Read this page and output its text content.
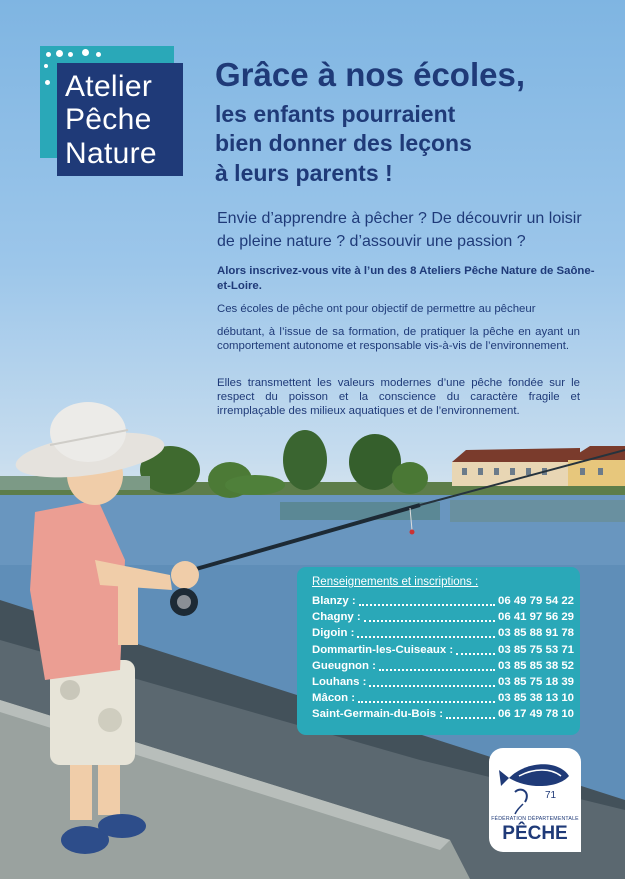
Atelier
Pêche
Nature
Grâce à nos écoles,
les enfants pourraient
bien donner des leçons
à leurs parents !
Envie d’apprendre à pêcher ? De découvrir un loisir de pleine nature ? d’assouvir une passion ?
Alors inscrivez-vous vite à l’un des 8 Ateliers Pêche Nature de Saône-et-Loire.
Ces écoles de pêche ont pour objectif de permettre au pêcheur
débutant, à l’issue de sa formation, de pratiquer la pêche en ayant un comportement autonome et responsable vis-à-vis de l’environnement.
Elles transmettent les valeurs modernes d’une pêche fondée sur le respect du poisson et la conscience du caractère fragile et irremplaçable des milieux aquatiques et de l’environnement.
Renseignements et inscriptions :
Blanzy :	06 49 79 54 22
Chagny :	06 41 97 56 29
Digoin :	03 85 88 91 78
Dommartin-les-Cuiseaux :	03 85 75 53 71
Gueugnon :	03 85 85 38 52
Louhans :	03 85 75 18 39
Mâcon :	03 85 38 13 10
Saint-Germain-du-Bois :	06 17 49 78 10
71
FÉDÉRATION DÉPARTEMENTALE
PÊCHE
